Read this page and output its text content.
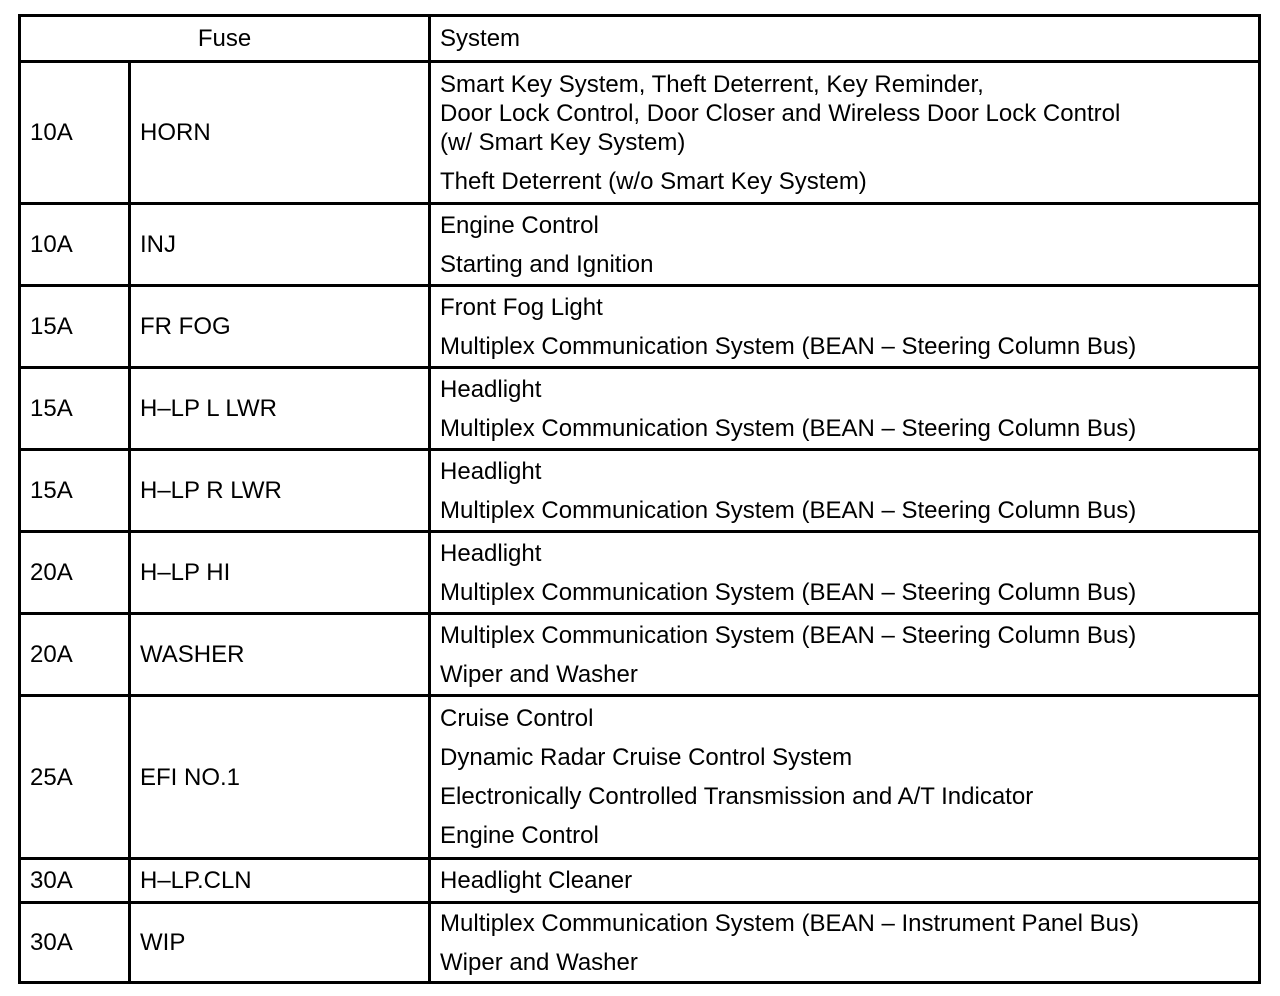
Fuse		System
10A	HORN	Smart Key System, Theft Deterrent, Key Reminder,
Door Lock Control, Door Closer and Wireless Door Lock Control
(w/ Smart Key System)
Theft Deterrent (w/o Smart Key System)

10A	INJ	Engine Control
Starting and Ignition

15A	FR FOG	Front Fog Light
Multiplex Communication System (BEAN – Steering Column Bus)

15A	H–LP L LWR	Headlight
Multiplex Communication System (BEAN – Steering Column Bus)

15A	H–LP R LWR	Headlight
Multiplex Communication System (BEAN – Steering Column Bus)

20A	H–LP HI	Headlight
Multiplex Communication System (BEAN – Steering Column Bus)

20A	WASHER	Multiplex Communication System (BEAN – Steering Column Bus)
Wiper and Washer

25A	EFI NO.1	Cruise Control
Dynamic Radar Cruise Control System
Electronically Controlled Transmission and A/T Indicator
Engine Control

30A	H–LP.CLN	Headlight Cleaner

30A	WIP	Multiplex Communication System (BEAN – Instrument Panel Bus)
Wiper and Washer
